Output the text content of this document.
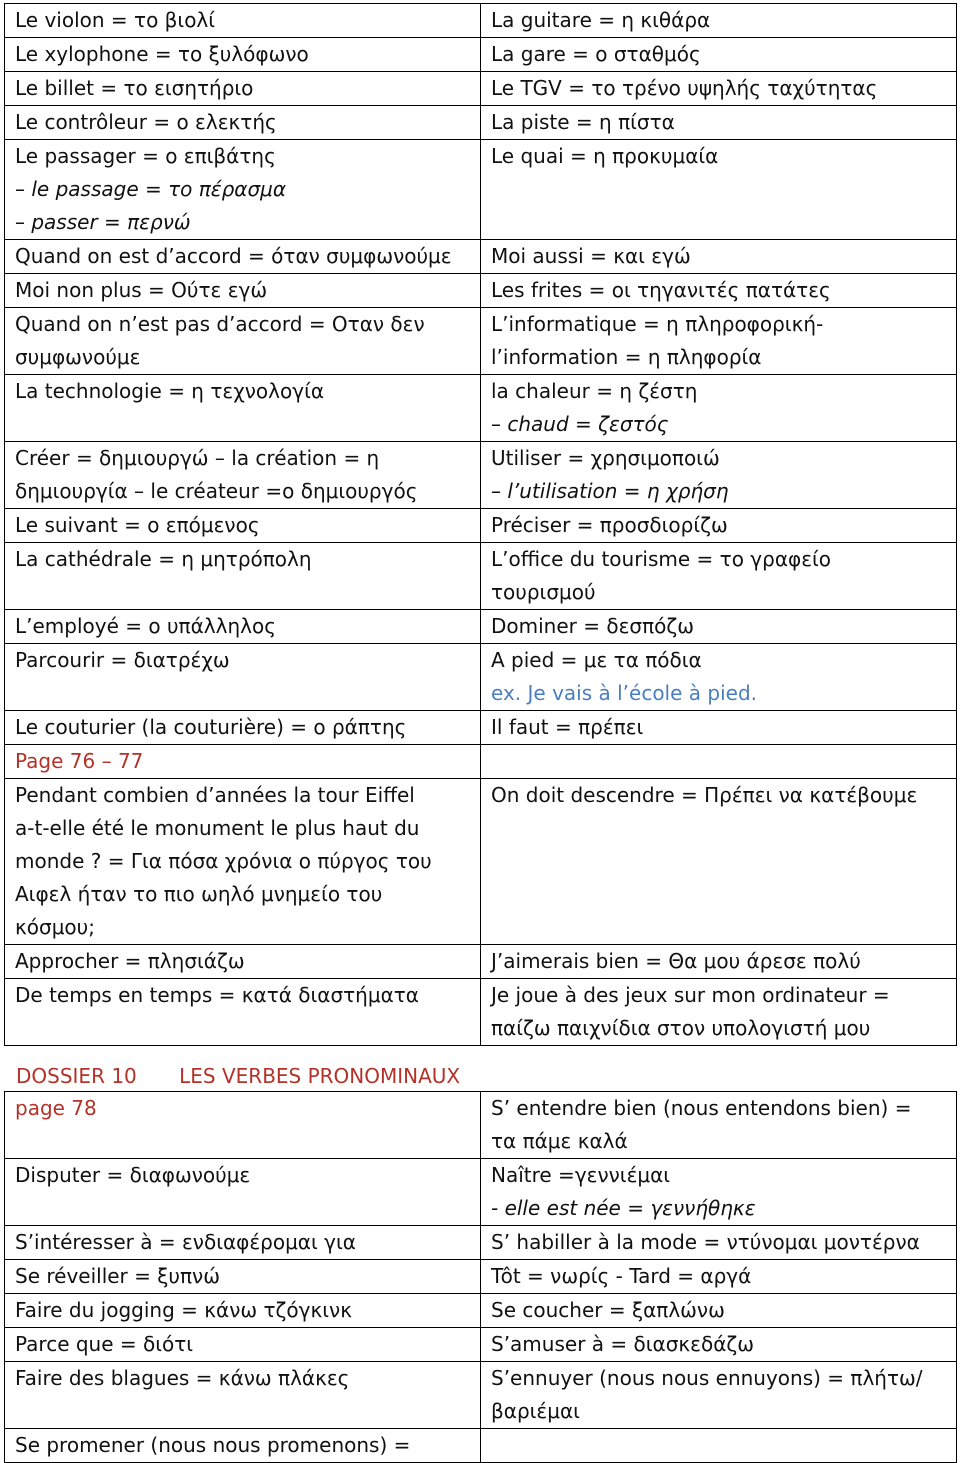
Le violon = το βιολί	La guitare = η κιθάρα

Le xylophone = το ξυλόφωνο	La gare = ο σταθμός

Le billet = το εισητήριο	Le TGV = το τρένο υψηλής ταχύτητας

Le contrôleur = ο ελεκτής	La piste = η πίστα

Le passager = ο επιβάτης
– le passage = το πέρασμα
– passer = περνώ	Le quai = η προκυμαία

Quand on est d’accord = όταν συμφωνούμε	Moi aussi = και εγώ

Moi non plus = Ούτε εγώ	Les frites = οι τηγανιτές πατάτες

Quand on n’est pas d’accord = Οταν δεν
συμφωνούμε	L’informatique = η πληροφορική-
l’information = η πληφορία

La technologie = η τεχνολογία	la chaleur = η ζέστη
– chaud = ζεστός

Créer = δημιουργώ – la création = η
δημιουργία – le créateur =ο δημιουργός	Utiliser = χρησιμοποιώ
– l’utilisation = η χρήση

Le suivant = ο επόμενος	Préciser = προσδιορίζω

La cathédrale = η μητρόπολη	L’office du tourisme = το γραφείο
τουρισμού

L’employé = ο υπάλληλος	Dominer = δεσπόζω

Parcourir = διατρέχω	A pied = με τα πόδια
ex. Je vais à l’école à pied.

Le couturier (la couturière) = ο ράπτης	Il faut = πρέπει

Page 76 – 77	

Pendant combien d’années la tour Eiffel
a-t-elle été le monument le plus haut du
monde ? = Για πόσα χρόνια ο πύργος του
Αιφελ ήταν το πιο ωηλό μνημείο του
κόσμου;	On doit descendre = Πρέπει να κατέβουμε

Approcher = πλησιάζω	J’aimerais bien = Θα μου άρεσε πολύ

De temps en temps = κατά διαστήματα	Je joue à des jeux sur mon ordinateur =
παίζω παιχνίδια στον υπολογιστή μου
DOSSIER 10 LES VERBES PRONOMINAUX
page 78	S’ entendre bien (nous entendons bien) =
τα πάμε καλά

Disputer = διαφωνούμε	Naître =γεννιέμαι
- elle est née = γεννήθηκε

S’intéresser à = ενδιαφέρομαι για	S’ habiller à la mode = ντύνομαι μοντέρνα

Se réveiller = ξυπνώ	Tôt = νωρίς - Tard = αργά

Faire du jogging = κάνω τζόγκινκ	Se coucher = ξαπλώνω

Parce que = διότι	S’amuser à = διασκεδάζω

Faire des blagues = κάνω πλάκες	S’ennuyer (nous nous ennuyons) = πλήτω/
βαριέμαι

Se promener (nous nous promenons) =	
